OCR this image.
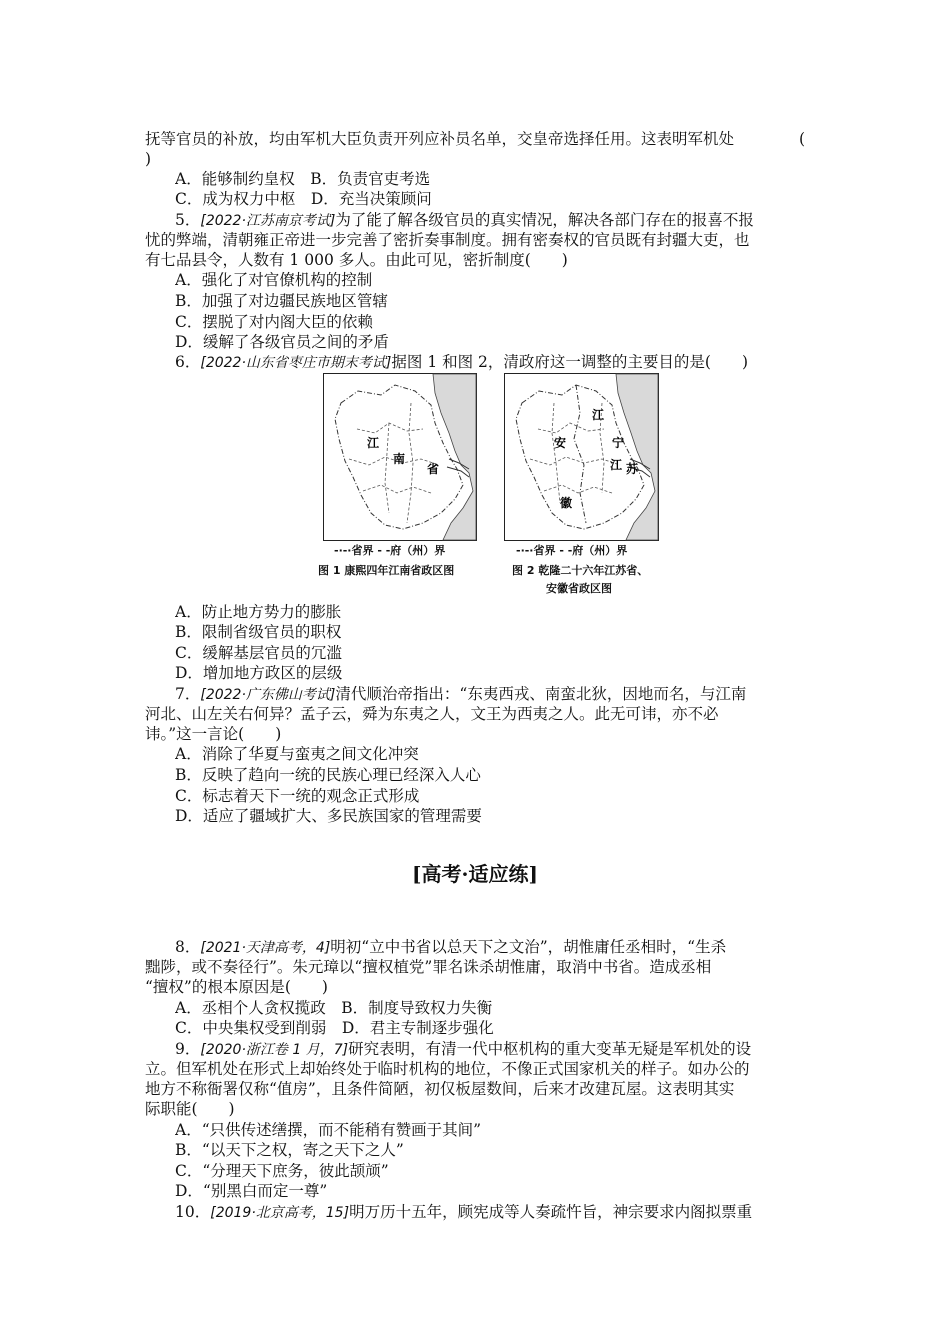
抚等官员的补放，均由军机大臣负责开列应补员名单，交皇帝选择任用。这表明军机处	(
)
A．能够制约皇权　B．负责官吏考选
C．成为权力中枢　D．充当决策顾问
5．[2022·江苏南京考试]为了能了解各级官员的真实情况，解决各部门存在的报喜不报
忧的弊端，清朝雍正帝进一步完善了密折奏事制度。拥有密奏权的官员既有封疆大吏，也
有七品县令，人数有 1 000 多人。由此可见，密折制度(　　)
A．强化了对官僚机构的控制
B．加强了对边疆民族地区管辖
C．摆脱了对内阁大臣的依赖
D．缓解了各级官员之间的矛盾
6．[2022·山东省枣庄市期末考试]据图 1 和图 2，清政府这一调整的主要目的是(　　)
江
南
省
-·-·省界 - -府（州）界
图 1 康熙四年江南省政区图
江
安	宁
江 苏
徽
-·-·省界 - -府（州）界
图 2 乾隆二十六年江苏省、
安徽省政区图
A．防止地方势力的膨胀
B．限制省级官员的职权
C．缓解基层官员的冗滥
D．增加地方政区的层级
7．[2022·广东佛山考试]清代顺治帝指出：“东夷西戎、南蛮北狄，因地而名，与江南
河北、山左关右何异？孟子云，舜为东夷之人，文王为西夷之人。此无可讳，亦不必
讳。”这一言论(　　)
A．消除了华夏与蛮夷之间文化冲突
B．反映了趋向一统的民族心理已经深入人心
C．标志着天下一统的观念正式形成
D．适应了疆域扩大、多民族国家的管理需要
[高考·适应练]
8．[2021·天津高考，4]明初“立中书省以总天下之文治”，胡惟庸任丞相时，“生杀
黜陟，或不奏径行”。朱元璋以“擅权植党”罪名诛杀胡惟庸，取消中书省。造成丞相
“擅权”的根本原因是(　　)
A．丞相个人贪权揽政　B．制度导致权力失衡
C．中央集权受到削弱　D．君主专制逐步强化
9．[2020·浙江卷 1 月，7]研究表明，有清一代中枢机构的重大变革无疑是军机处的设
立。但军机处在形式上却始终处于临时机构的地位，不像正式国家机关的样子。如办公的
地方不称衙署仅称“值房”，且条件简陋，初仅板屋数间，后来才改建瓦屋。这表明其实
际职能(　　)
A．“只供传述缮撰，而不能稍有赞画于其间”
B．“以天下之权，寄之天下之人”
C．“分理天下庶务，彼此颉颃”
D．“别黑白而定一尊”
10．[2019·北京高考，15]明万历十五年，顾宪成等人奏疏忤旨，神宗要求内阁拟票重
